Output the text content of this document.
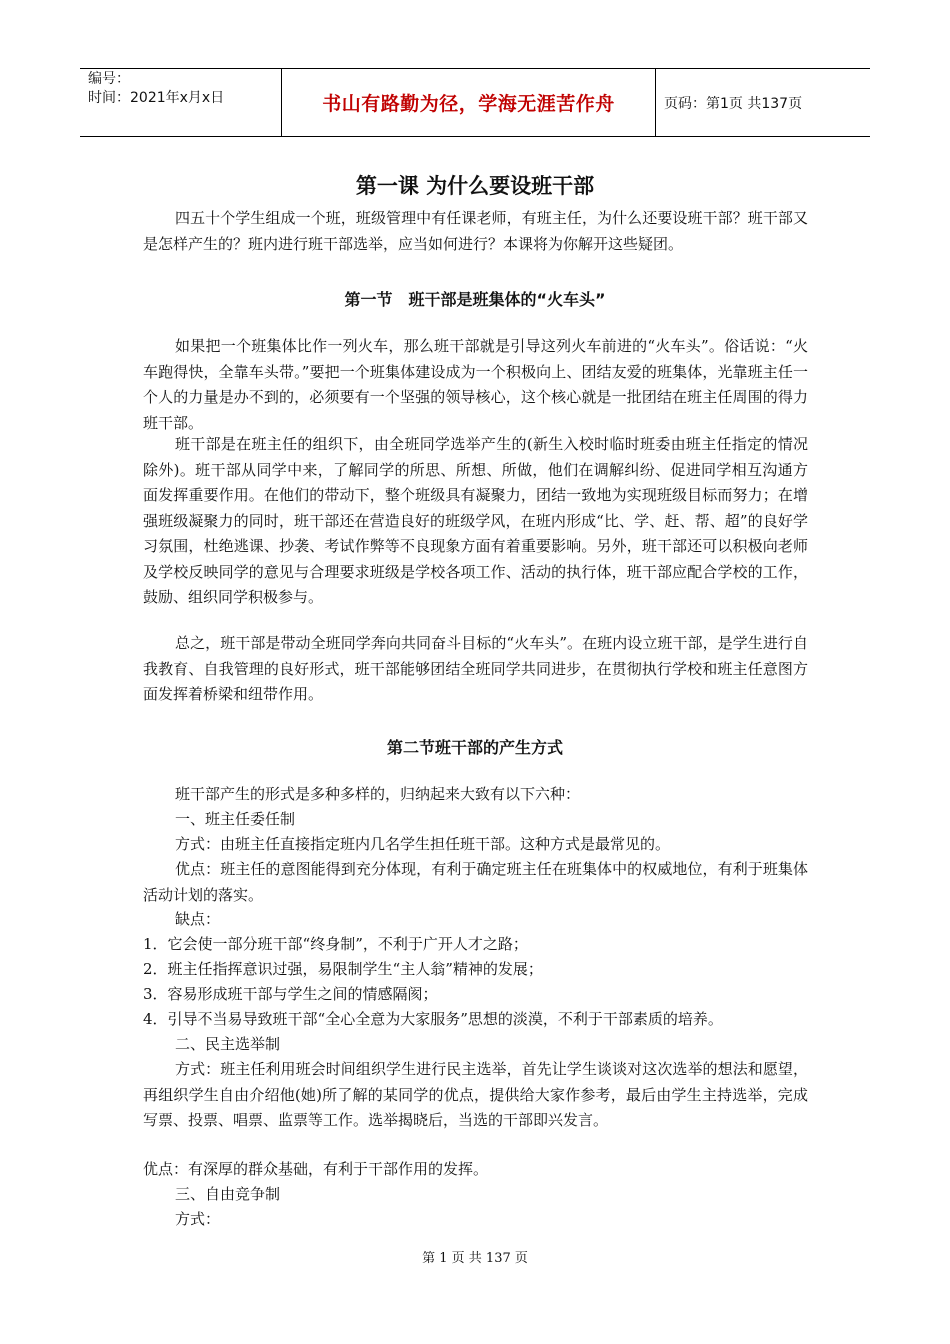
编号：
时间：2021年x月x日	书山有路勤为径，学海无涯苦作舟	页码：第1页 共137页
第一课 为什么要设班干部

四五十个学生组成一个班，班级管理中有任课老师，有班主任，为什么还要设班干部？班干部又是怎样产生的？班内进行班干部选举，应当如何进行？本课将为你解开这些疑团。

第一节　班干部是班集体的“火车头”

如果把一个班集体比作一列火车，那么班干部就是引导这列火车前进的“火车头”。俗话说：“火车跑得快，全靠车头带。”要把一个班集体建设成为一个积极向上、团结友爱的班集体，光靠班主任一个人的力量是办不到的，必须要有一个坚强的领导核心，这个核心就是一批团结在班主任周围的得力班干部。

班干部是在班主任的组织下，由全班同学选举产生的(新生入校时临时班委由班主任指定的情况除外)。班干部从同学中来，了解同学的所思、所想、所做，他们在调解纠纷、促进同学相互沟通方面发挥重要作用。在他们的带动下，整个班级具有凝聚力，团结一致地为实现班级目标而努力；在增强班级凝聚力的同时，班干部还在营造良好的班级学风，在班内形成“比、学、赶、帮、超”的良好学习氛围，杜绝逃课、抄袭、考试作弊等不良现象方面有着重要影响。另外，班干部还可以积极向老师及学校反映同学的意见与合理要求班级是学校各项工作、活动的执行体，班干部应配合学校的工作，鼓励、组织同学积极参与。

总之，班干部是带动全班同学奔向共同奋斗目标的“火车头”。在班内设立班干部，是学生进行自我教育、自我管理的良好形式，班干部能够团结全班同学共同进步，在贯彻执行学校和班主任意图方面发挥着桥梁和纽带作用。

第二节班干部的产生方式

班干部产生的形式是多种多样的，归纳起来大致有以下六种：

一、班主任委任制

方式：由班主任直接指定班内几名学生担任班干部。这种方式是最常见的。

优点：班主任的意图能得到充分体现，有利于确定班主任在班集体中的权威地位，有利于班集体活动计划的落实。

缺点：

1．它会使一部分班干部“终身制”，不利于广开人才之路；

2．班主任指挥意识过强，易限制学生“主人翁”精神的发展；

3．容易形成班干部与学生之间的情感隔阂；

4．引导不当易导致班干部“全心全意为大家服务”思想的淡漠，不利于干部素质的培养。

二、民主选举制

方式：班主任利用班会时间组织学生进行民主选举，首先让学生谈谈对这次选举的想法和愿望，再组织学生自由介绍他(她)所了解的某同学的优点，提供给大家作参考，最后由学生主持选举，完成写票、投票、唱票、监票等工作。选举揭晓后，当选的干部即兴发言。

优点：有深厚的群众基础，有利于干部作用的发挥。

三、自由竞争制

方式：

第 1 页 共 137 页
